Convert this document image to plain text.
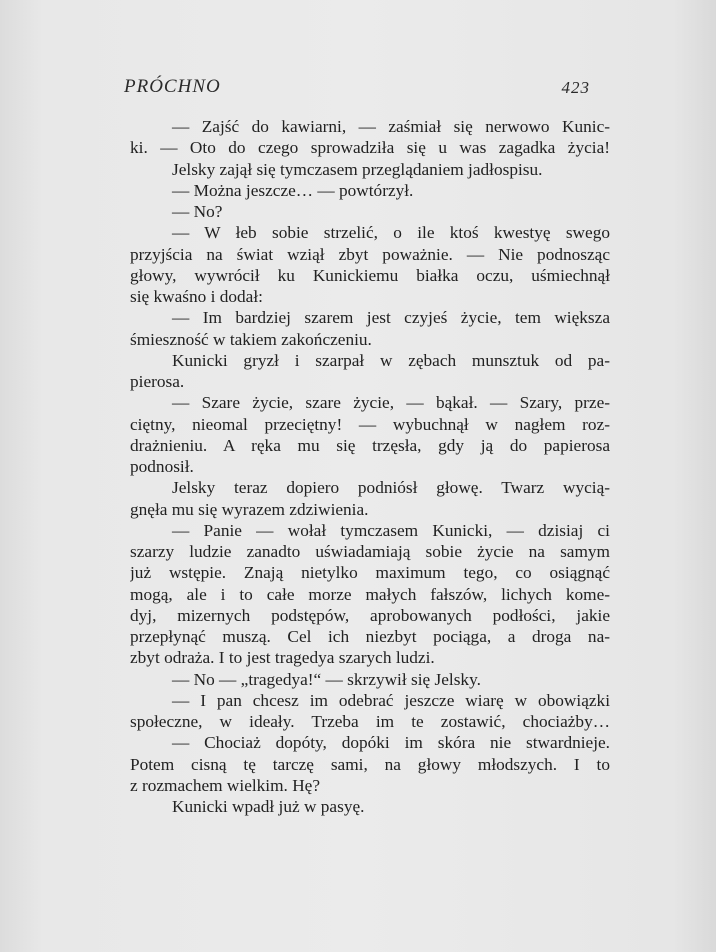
PRÓCHNO	423
— Zajść do kawiarni, — zaśmiał się nerwowo Kunic-
ki. — Oto do czego sprowadziła się u was zagadka życia!
Jelsky zajął się tymczasem przeglądaniem jadłospisu.
— Można jeszcze… — powtórzył.
— No?
— W łeb sobie strzelić, o ile ktoś kwestyę swego
przyjścia na świat wziął zbyt poważnie. — Nie podnosząc
głowy, wywrócił ku Kunickiemu białka oczu, uśmiechnął
się kwaśno i dodał:
— Im bardziej szarem jest czyjeś życie, tem większa
śmieszność w takiem zakończeniu.
Kunicki gryzł i szarpał w zębach munsztuk od pa-
pierosa.
— Szare życie, szare życie, — bąkał. — Szary, prze-
ciętny, nieomal przeciętny! — wybuchnął w nagłem roz-
drażnieniu. A ręka mu się trzęsła, gdy ją do papierosa
podnosił.
Jelsky teraz dopiero podniósł głowę. Twarz wycią-
gnęła mu się wyrazem zdziwienia.
— Panie — wołał tymczasem Kunicki, — dzisiaj ci
szarzy ludzie zanadto uświadamiają sobie życie na samym
już wstępie. Znają nietylko maximum tego, co osiągnąć
mogą, ale i to całe morze małych fałszów, lichych kome-
dyj, mizernych podstępów, aprobowanych podłości, jakie
przepłynąć muszą. Cel ich niezbyt pociąga, a droga na-
zbyt odraża. I to jest tragedya szarych ludzi.
— No — „tragedya!“ — skrzywił się Jelsky.
— I pan chcesz im odebrać jeszcze wiarę w obowiązki
społeczne, w ideały. Trzeba im te zostawić, chociażby…
— Chociaż dopóty, dopóki im skóra nie stwardnieje.
Potem cisną tę tarczę sami, na głowy młodszych. I to
z rozmachem wielkim. Hę?
Kunicki wpadł już w pasyę.
